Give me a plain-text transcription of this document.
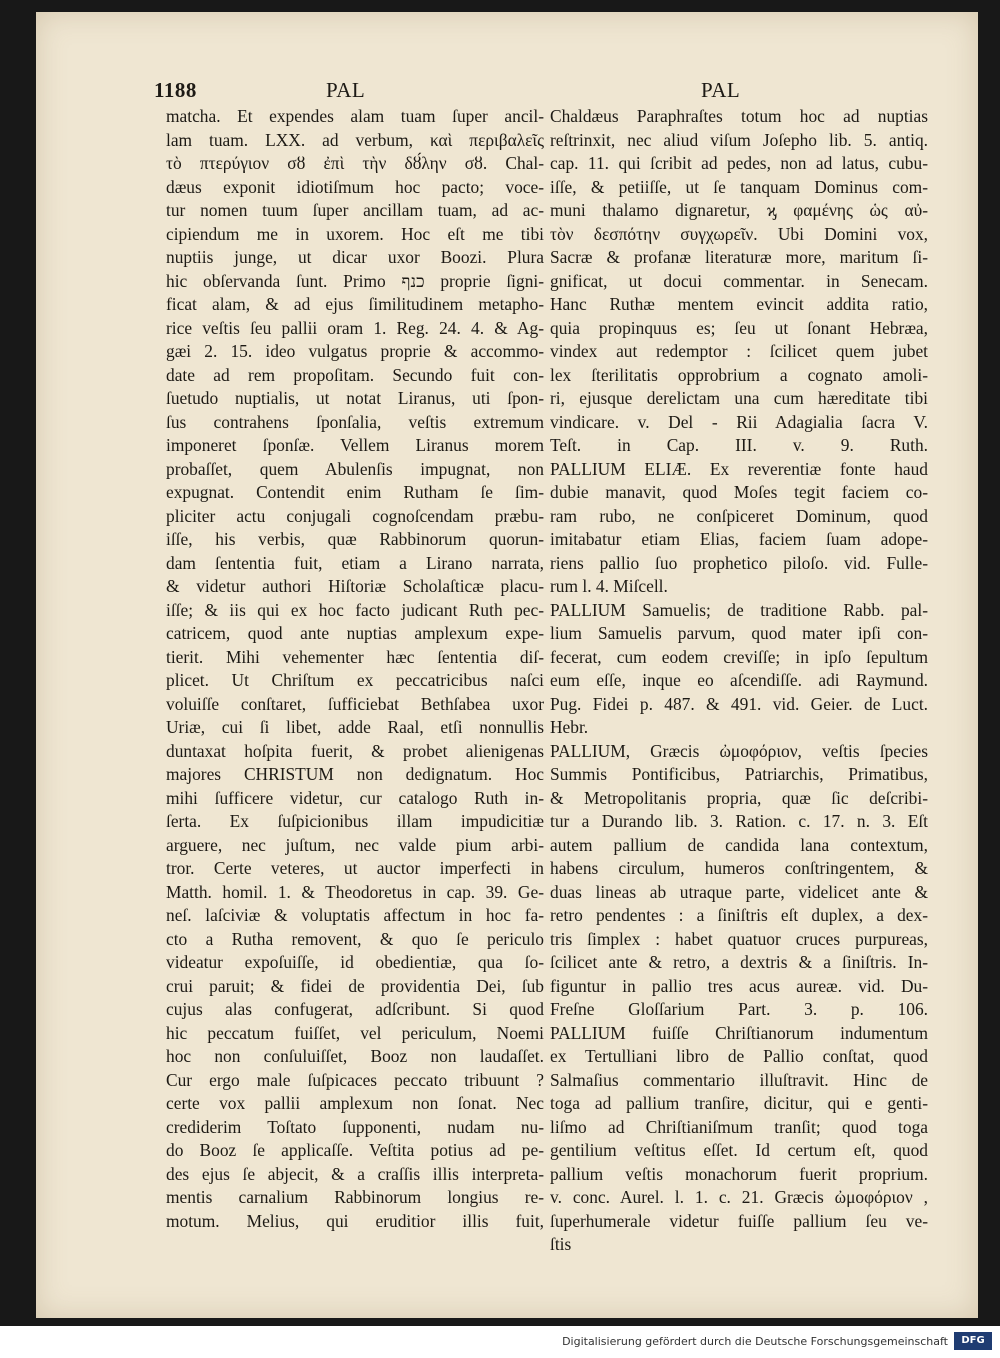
1188	PAL	PAL
matcha. Et expendes alam tuam ſuper ancil-
lam tuam. LXX. ad verbum, καὶ περιβαλεῖς
τὸ πτερύγιον σȣ ἐπὶ τὴν δȣ́λην σȣ. Chal-
dæus exponit idiotiſmum hoc pacto; voce-
tur nomen tuum ſuper ancillam tuam, ad ac-
cipiendum me in uxorem. Hoc eſt me tibi
nuptiis junge, ut dicar uxor Boozi. Plura
hic obſervanda ſunt. Primo כנף proprie ſigni-
ficat alam, & ad ejus ſimilitudinem metapho-
rice veſtis ſeu pallii oram 1. Reg. 24. 4. & Ag-
gæi 2. 15. ideo vulgatus proprie & accommo-
date ad rem propoſitam. Secundo fuit con-
ſuetudo nuptialis, ut notat Liranus, uti ſpon-
ſus contrahens ſponſalia, veſtis extremum
imponeret ſponſæ. Vellem Liranus morem
probaſſet, quem Abulenſis impugnat, non
expugnat. Contendit enim Rutham ſe ſim-
pliciter actu conjugali cognoſcendam præbu-
iſſe, his verbis, quæ Rabbinorum quorun-
dam ſententia fuit, etiam a Lirano narrata,
& videtur authori Hiſtoriæ Scholaſticæ placu-
iſſe; & iis qui ex hoc facto judicant Ruth pec-
catricem, quod ante nuptias amplexum expe-
tierit. Mihi vehementer hæc ſententia diſ-
plicet. Ut Chriſtum ex peccatricibus naſci
voluiſſe conſtaret, ſufficiebat Bethſabea uxor
Uriæ, cui ſi libet, adde Raal, etſi nonnullis
duntaxat hoſpita fuerit, & probet alienigenas
majores CHRISTUM non dedignatum. Hoc
mihi ſufficere videtur, cur catalogo Ruth in-
ſerta. Ex ſuſpicionibus illam impudicitiæ
arguere, nec juſtum, nec valde pium arbi-
tror. Certe veteres, ut auctor imperfecti in
Matth. homil. 1. & Theodoretus in cap. 39. Ge-
neſ. laſciviæ & voluptatis affectum in hoc fa-
cto a Rutha removent, & quo ſe periculo
videatur expoſuiſſe, id obedientiæ, qua ſo-
crui paruit; & fidei de providentia Dei, ſub
cujus alas confugerat, adſcribunt. Si quod
hic peccatum fuiſſet, vel periculum, Noemi
hoc non conſuluiſſet, Booz non laudaſſet.
Cur ergo male ſuſpicaces peccato tribuunt ?
certe vox pallii amplexum non ſonat. Nec
crediderim Toſtato ſupponenti, nudam nu-
do Booz ſe applicaſſe. Veſtita potius ad pe-
des ejus ſe abjecit, & a craſſis illis interpreta-
mentis carnalium Rabbinorum longius re-
motum. Melius, qui eruditior illis fuit,
Chaldæus Paraphraſtes totum hoc ad nuptias
reſtrinxit, nec aliud viſum Joſepho lib. 5. antiq.
cap. 11. qui ſcribit ad pedes, non ad latus, cubu-
iſſe, & petiiſſe, ut ſe tanquam Dominus com-
muni thalamo dignaretur, ϗ φαμένης ὡς αὐ-
τὸν δεσπότην συγχωρεῖν. Ubi Domini vox,
Sacræ & profanæ literaturæ more, maritum ſi-
gnificat, ut docui commentar. in Senecam.
Hanc Ruthæ mentem evincit addita ratio,
quia propinquus es; ſeu ut ſonant Hebræa,
vindex aut redemptor : ſcilicet quem jubet
lex ſterilitatis opprobrium a cognato amoli-
ri, ejusque derelictam una cum hæreditate tibi
vindicare. v. Del - Rii Adagialia ſacra V.
Teſt. in Cap. III. v. 9. Ruth.
PALLIUM ELIÆ. Ex reverentiæ fonte haud
dubie manavit, quod Moſes tegit faciem co-
ram rubo, ne conſpiceret Dominum, quod
imitabatur etiam Elias, faciem ſuam adope-
riens pallio ſuo prophetico piloſo. vid. Fulle-
rum l. 4. Miſcell.
PALLIUM Samuelis; de traditione Rabb. pal-
lium Samuelis parvum, quod mater ipſi con-
fecerat, cum eodem creviſſe; in ipſo ſepultum
eum eſſe, inque eo aſcendiſſe. adi Raymund.
Pug. Fidei p. 487. & 491. vid. Geier. de Luct.
Hebr.
PALLIUM, Græcis ὠμοφόριον, veſtis ſpecies
Summis Pontificibus, Patriarchis, Primatibus,
& Metropolitanis propria, quæ ſic deſcribi-
tur a Durando lib. 3. Ration. c. 17. n. 3. Eſt
autem pallium de candida lana contextum,
habens circulum, humeros conſtringentem, &
duas lineas ab utraque parte, videlicet ante &
retro pendentes : a ſiniſtris eſt duplex, a dex-
tris ſimplex : habet quatuor cruces purpureas,
ſcilicet ante & retro, a dextris & a ſiniſtris. In-
figuntur in pallio tres acus aureæ. vid. Du-
Freſne Gloſſarium Part. 3. p. 106.
PALLIUM fuiſſe Chriſtianorum indumentum
ex Tertulliani libro de Pallio conſtat, quod
Salmaſius commentario illuſtravit. Hinc de
toga ad pallium tranſire, dicitur, qui e genti-
liſmo ad Chriſtianiſmum tranſit; quod toga
gentilium veſtitus eſſet. Id certum eſt, quod
pallium veſtis monachorum fuerit proprium.
v. conc. Aurel. l. 1. c. 21. Græcis ὠμοφόριον ,
ſuperhumerale videtur fuiſſe pallium ſeu ve-
ſtis
Digitalisierung gefördert durch die Deutsche Forschungsgemeinschaft	DFG
